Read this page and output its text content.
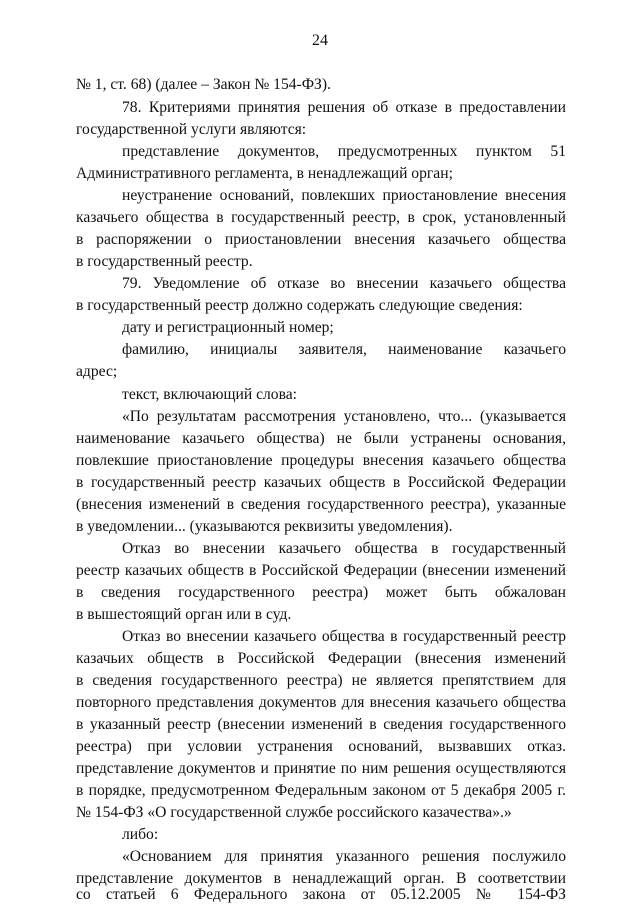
24
№ 1, ст. 68) (далее – Закон № 154-ФЗ).
78. Критериями принятия решения об отказе в предоставлении
государственной услуги являются:
представление документов, предусмотренных пунктом 51
Административного регламента, в ненадлежащий орган;
неустранение оснований, повлекших приостановление внесения
казачьего общества в государственный реестр, в срок, установленный
в распоряжении о приостановлении внесения казачьего общества
в государственный реестр.
79. Уведомление об отказе во внесении казачьего общества
в государственный реестр должно содержать следующие сведения:
дату и регистрационный номер;
фамилию, инициалы заявителя, наименование казачьего
адрес;
текст, включающий слова:
«По результатам рассмотрения установлено, что... (указывается
наименование казачьего общества) не были устранены основания,
повлекшие приостановление процедуры внесения казачьего общества
в государственный реестр казачьих обществ в Российской Федерации
(внесения изменений в сведения государственного реестра), указанные
в уведомлении... (указываются реквизиты уведомления).
Отказ во внесении казачьего общества в государственный
реестр казачьих обществ в Российской Федерации (внесении изменений
в сведения государственного реестра) может быть обжалован
в вышестоящий орган или в суд.
Отказ во внесении казачьего общества в государственный реестр
казачьих обществ в Российской Федерации (внесения изменений
в сведения государственного реестра) не является препятствием для
повторного представления документов для внесения казачьего общества
в указанный реестр (внесении изменений в сведения государственного
реестра) при условии устранения оснований, вызвавших отказ.
представление документов и принятие по ним решения осуществляются
в порядке, предусмотренном Федеральным законом от 5 декабря 2005 г.
№ 154-ФЗ «О государственной службе российского казачества».»
либо:
«Основанием для принятия указанного решения послужило
представление документов в ненадлежащий орган. В соответствии
со статьей 6 Федерального закона от 05.12.2005 № 154-ФЗ
